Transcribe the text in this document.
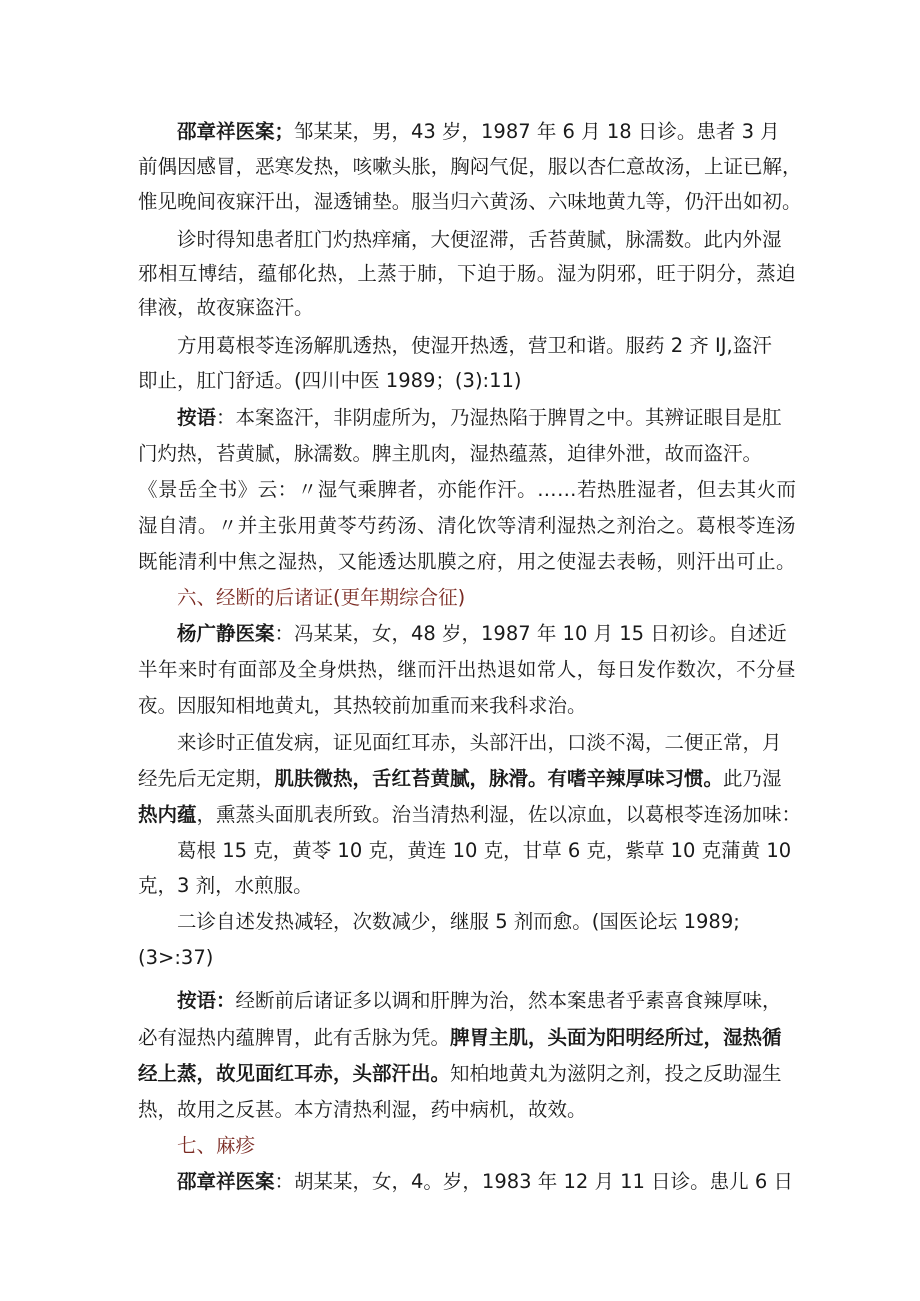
邵章祥医案；邹某某，男，43 岁，1987 年 6 月 18 日诊。患者 3 月
前 偶 因 感 冒 ， 恶 寒 发 热 ， 咳 嗽 头 胀 ， 胸 闷 气 促 ， 服 以 杏 仁 意 故 汤 ， 上 证 已 解 ，
惟 见 晚 间 夜 寐 汗 出 ， 湿 透 铺 垫 。 服 当 归 六 黄 汤 、 六 味 地 黄 九 等 ， 仍 汗 出 如 初 。
诊时得知患者肛门灼热痒痛，大便涩滞，舌苔黄腻，脉濡数。此内外湿
邪 相 互 博 结 ， 蕴 郁 化 热 ， 上 蒸 于 肺 ， 下 迫 于 肠 。 湿 为 阴 邪 ， 旺 于 阴 分 ， 蒸 迫
律液，故夜寐盗汗。
方用葛根苓连汤解肌透热，使湿开热透，营卫和谐。服药 2 齐 IJ,盗汗
即止，肛门舒适。(四川中医 1989；(3):11)
按语：本案盗汗，非阴虚所为，乃湿热陷于脾胃之中。其辨证眼目是肛
门灼热，苔黄腻，脉濡数。脾主肌肉，湿热蕴蒸，迫律外泄，故而盗汗。
《 景 岳 全 书 》 云 ： 〃 湿 气 乘 脾 者 ， 亦 能 作 汗 。 … … 若 热 胜 湿 者 ， 但 去 其 火 而
湿 自 清 。 〃 并 主 张 用 黄 苓 芍 药 汤 、 清 化 饮 等 清 利 湿 热 之 剂 治 之 。 葛 根 苓 连 汤
既 能 清 利 中 焦 之 湿 热 ， 又 能 透 达 肌 膜 之 府 ， 用 之 使 湿 去 表 畅 ， 则 汗 出 可 止 。
六、经断的后诸证(更年期综合征)
杨广静医案：冯某某，女，48 岁，1987 年 10 月 15 日初诊。自述近
半 年 来 时 有 面 部 及 全 身 烘 热 ， 继 而 汗 出 热 退 如 常 人 ， 每 日 发 作 数 次 ， 不 分 昼
夜。因服知相地黄丸，其热较前加重而来我科求治。
来诊时正值发病，证见面红耳赤，头部汗出，口淡不渴，二便正常，月
经先后无定期，肌肤微热，舌红苔黄腻，脉滑。有嗜辛辣厚味习惯。此乃湿
热内蕴，熏蒸头面肌表所致。治当清热利湿，佐以凉血，以葛根苓连汤加味：
葛根 15 克，黄苓 10 克，黄连 10 克，甘草 6 克，紫草 10 克蒲黄 10
克，3 剂，水煎服。
二诊自述发热减轻，次数减少，继服 5 剂而愈。(国医论坛 1989;
(3>:37)
按语：经断前后诸证多以调和肝脾为治，然本案患者乎素喜食辣厚味，
必有湿热内蕴脾胃，此有舌脉为凭。脾胃主肌，头面为阳明经所过，湿热循
经上蒸，故见面红耳赤，头部汗出。知柏地黄丸为滋阴之剂，投之反助湿生
热，故用之反甚。本方清热利湿，药中病机，故效。
七、麻疹
邵章祥医案：胡某某，女，4。岁，1983 年 12 月 11 日诊。患儿 6 日
